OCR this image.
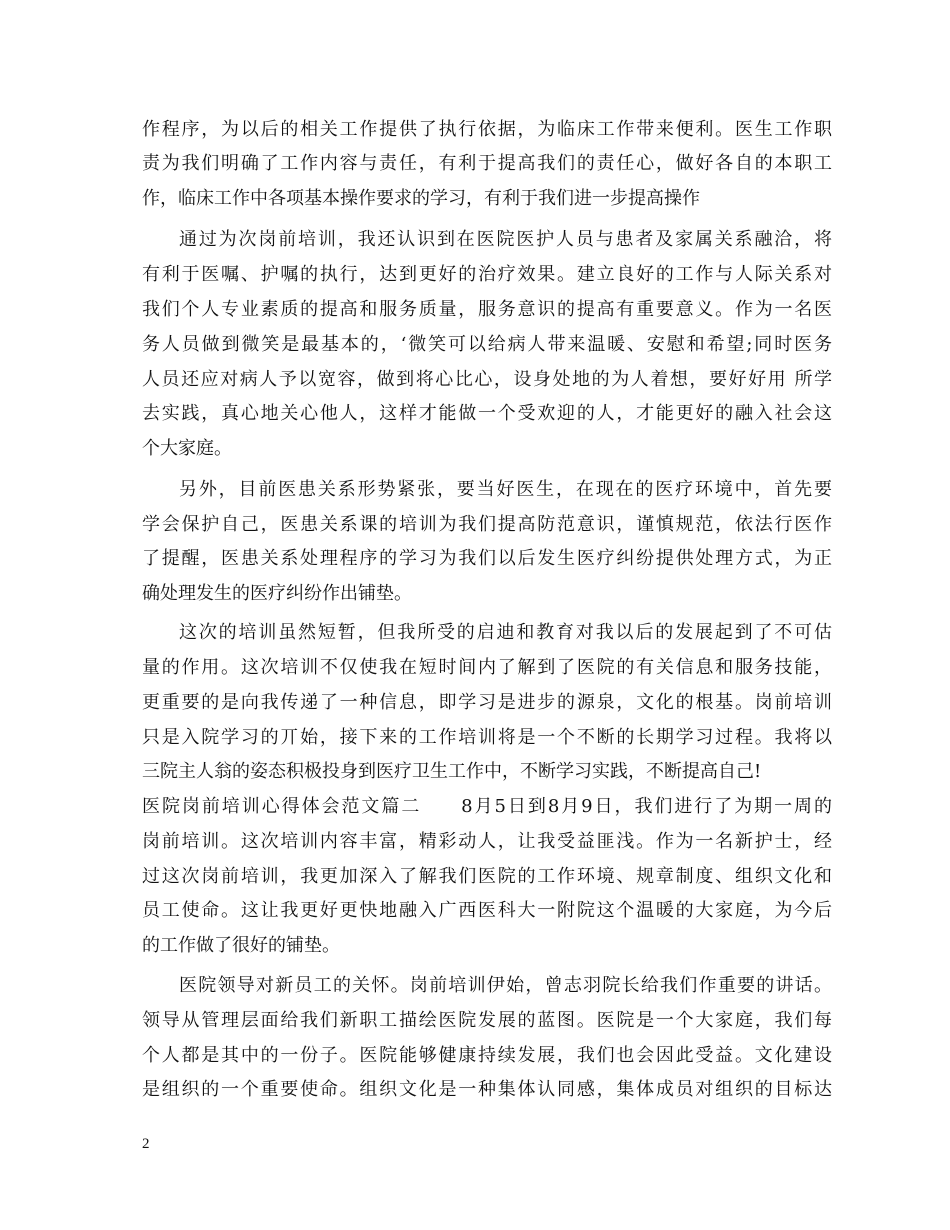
作程序，为以后的相关工作提供了执行依据，为临床工作带来便利。医生工作职
责为我们明确了工作内容与责任，有利于提高我们的责任心，做好各自的本职工
作，临床工作中各项基本操作要求的学习，有利于我们进一步提高操作
通过为次岗前培训，我还认识到在医院医护人员与患者及家属关系融洽，将
有利于医嘱、护嘱的执行，达到更好的治疗效果。建立良好的工作与人际关系对
我们个人专业素质的提高和服务质量，服务意识的提高有重要意义。作为一名医
务人员做到微笑是最基本的，‘微笑可以给病人带来温暖、安慰和希望;同时医务
人员还应对病人予以宽容，做到将心比心，设身处地的为人着想，要好好用 所学
去实践，真心地关心他人，这样才能做一个受欢迎的人，才能更好的融入社会这
个大家庭。
另外，目前医患关系形势紧张，要当好医生，在现在的医疗环境中，首先要
学会保护自己，医患关系课的培训为我们提高防范意识，谨慎规范，依法行医作
了提醒，医患关系处理程序的学习为我们以后发生医疗纠纷提供处理方式，为正
确处理发生的医疗纠纷作出铺垫。
这次的培训虽然短暂，但我所受的启迪和教育对我以后的发展起到了不可估
量的作用。这次培训不仅使我在短时间内了解到了医院的有关信息和服务技能，
更重要的是向我传递了一种信息，即学习是进步的源泉，文化的根基。岗前培训
只是入院学习的丌始，接下来的工作培训将是一个不断的长期学习过程。我将以
三院主人翁的姿态积极投身到医疗卫生工作中，不断学习实践，不断提高自己!
医院岗前培训心得体会范文篇二　　8月5日到8月9日，我们进行了为期一周的
岗前培训。这次培训内容丰富，精彩动人，让我受益匪浅。作为一名新护士，经
过这次岗前培训，我更加深入了解我们医院的工作环境、规章制度、组织文化和
员工使命。这让我更好更快地融入广西医科大一附院这个温暖的大家庭，为今后
的工作做了很好的铺垫。
医院领导对新员工的关怀。岗前培训伊始，曾志羽院长给我们作重要的讲话。
领导从管理层面给我们新职工描绘医院发展的蓝图。医院是一个大家庭，我们每
个人都是其中的一份子。医院能够健康持续发展，我们也会因此受益。文化建设
是组织的一个重要使命。组织文化是一种集体认同感，集体成员对组织的目标达
2
